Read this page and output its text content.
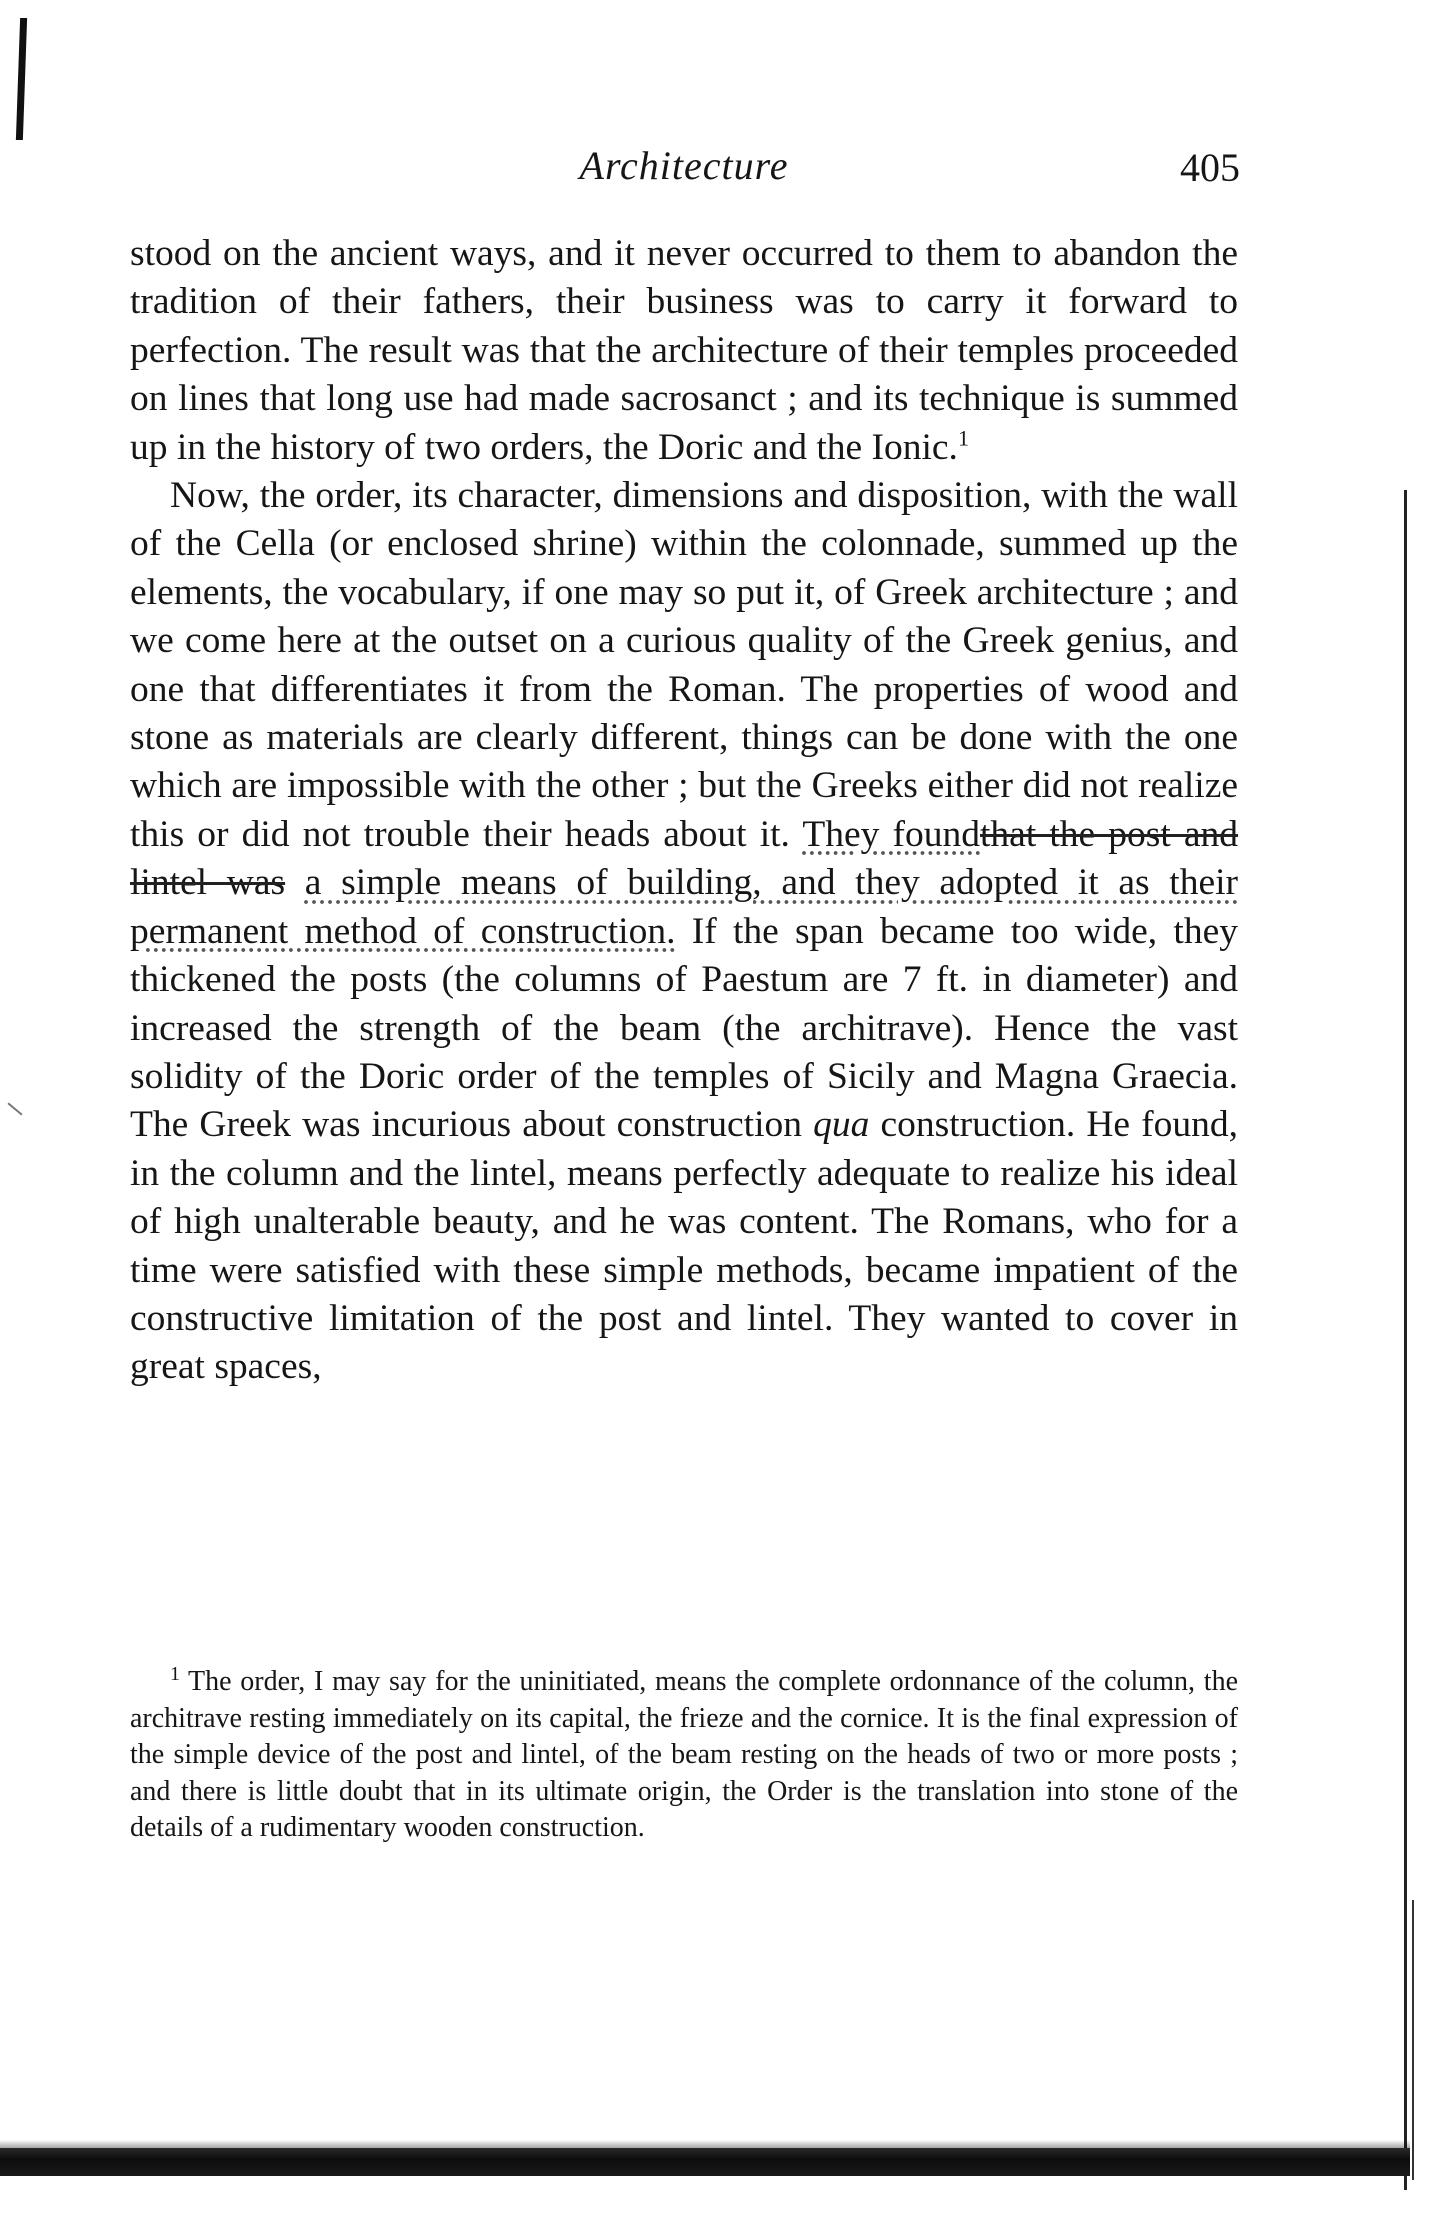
Architecture	405

stood on the ancient ways, and it never occurred to them to abandon the tradition of their fathers, their business was to carry it forward to perfection. The result was that the architecture of their temples proceeded on lines that long use had made sacrosanct ; and its technique is summed up in the history of two orders, the Doric and the Ionic.$^1$

Now, the order, its character, dimensions and disposition, with the wall of the Cella (or enclosed shrine) within the colonnade, summed up the elements, the vocabulary, if one may so put it, of Greek architecture ; and we come here at the outset on a curious quality of the Greek genius, and one that differentiates it from the Roman. The properties of wood and stone as materials are clearly different, things can be done with the one which are impossible with the other ; but the Greeks either did not realize this or did not trouble their heads about it. They foundthat the post and lintel was a simple means of building, and they adopted it as their permanent method of construction. If the span became too wide, they thickened the posts (the columns of Paestum are 7 ft. in diameter) and increased the strength of the beam (the architrave). Hence the vast solidity of the Doric order of the temples of Sicily and Magna Graecia. The Greek was incurious about construction qua construction. He found, in the column and the lintel, means perfectly adequate to realize his ideal of high unalterable beauty, and he was content. The Romans, who for a time were satisfied with these simple methods, became impatient of the constructive limitation of the post and lintel. They wanted to cover in great spaces,

$^1$ The order, I may say for the uninitiated, means the complete ordonnance of the column, the architrave resting immediately on its capital, the frieze and the cornice. It is the final expression of the simple device of the post and lintel, of the beam resting on the heads of two or more posts ; and there is little doubt that in its ultimate origin, the Order is the translation into stone of the details of a rudimentary wooden construction.
